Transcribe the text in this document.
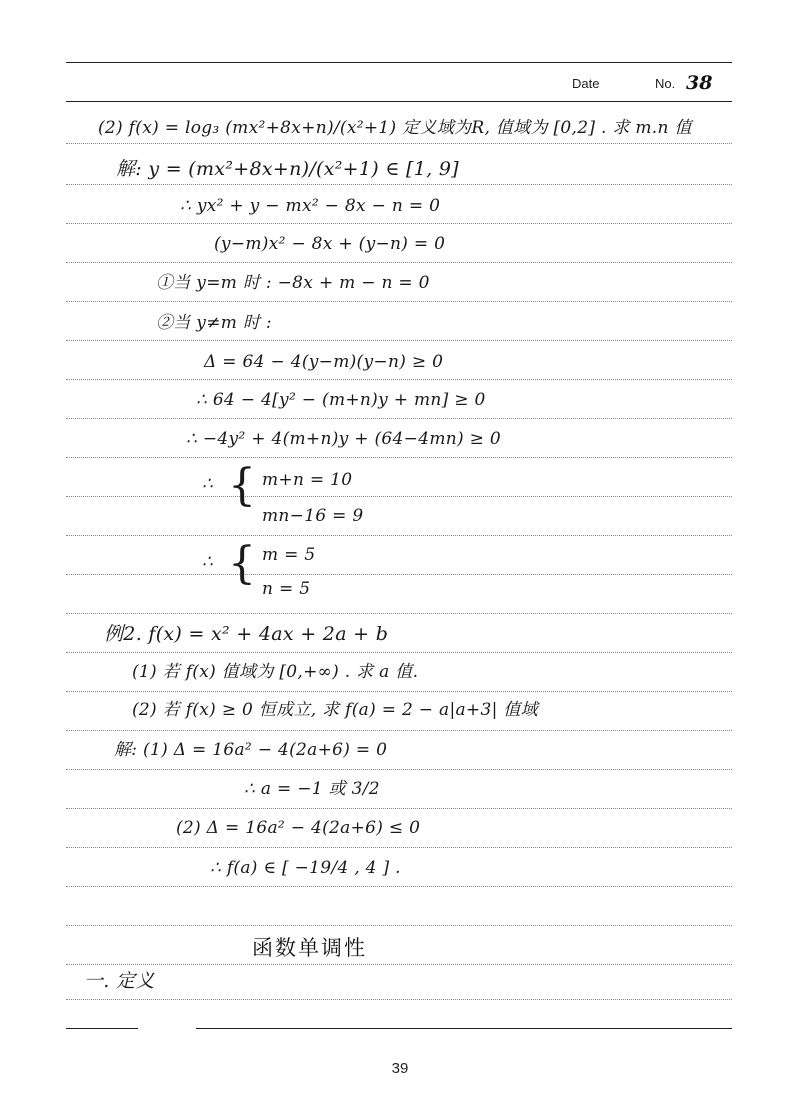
Date	No. 38
(2) f(x) = log₃ (mx²+8x+n)/(x²+1) 定义域为R, 值域为 [0,2] . 求 m.n 值
解: y = (mx²+8x+n)/(x²+1) ∈ [1, 9]
∴ yx² + y − mx² − 8x − n = 0
(y−m)x² − 8x + (y−n) = 0
①当 y=m 时 : −8x + m − n = 0
②当 y≠m 时 :
Δ = 64 − 4(y−m)(y−n) ≥ 0
∴ 64 − 4[y² − (m+n)y + mn] ≥ 0
∴ −4y² + 4(m+n)y + (64−4mn) ≥ 0
∴ { m+n = 10
mn−16 = 9
∴ { m = 5
n = 5
例2. f(x) = x² + 4ax + 2a + b
(1) 若 f(x) 值域为 [0,+∞) . 求 a 值.
(2) 若 f(x) ≥ 0 恒成立, 求 f(a) = 2 − a|a+3| 值域
解: (1) Δ = 16a² − 4(2a+6) = 0
∴ a = −1 或 3/2
(2) Δ = 16a² − 4(2a+6) ≤ 0
∴ f(a) ∈ [ −19/4 , 4 ] .
函数单调性
一. 定义
39
